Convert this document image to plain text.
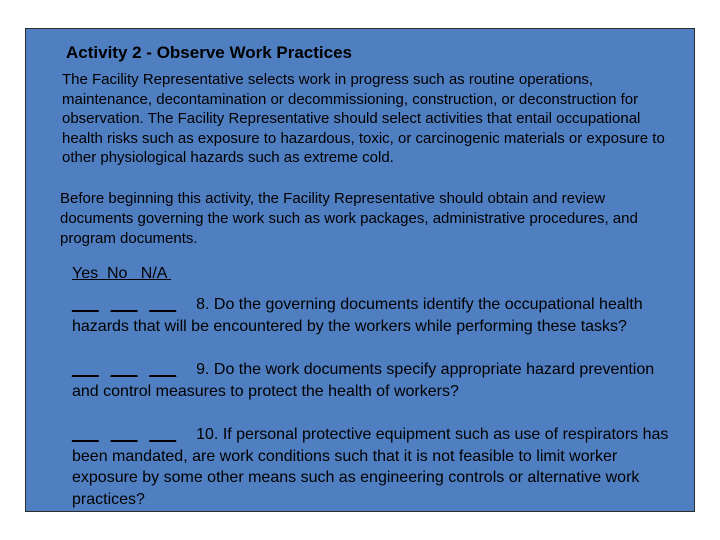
Activity 2 - Observe Work Practices

The Facility Representative selects work in progress such as routine operations, maintenance, decontamination or decommissioning, construction, or deconstruction for observation. The Facility Representative should select activities that entail occupational health risks such as exposure to hazardous, toxic, or carcinogenic materials or exposure to other physiological hazards such as extreme cold.

Before beginning this activity, the Facility Representative should obtain and review documents governing the work such as work packages, administrative procedures, and program documents.

Yes  No   N/A
___ ___ ___ 8. Do the governing documents identify the occupational health hazards that will be encountered by the workers while performing these tasks?
___ ___ ___ 9. Do the work documents specify appropriate hazard prevention and control measures to protect the health of workers?
___ ___ ___ 10. If personal protective equipment such as use of respirators has been mandated, are work conditions such that it is not feasible to limit worker exposure by some other means such as engineering controls or alternative work practices?
